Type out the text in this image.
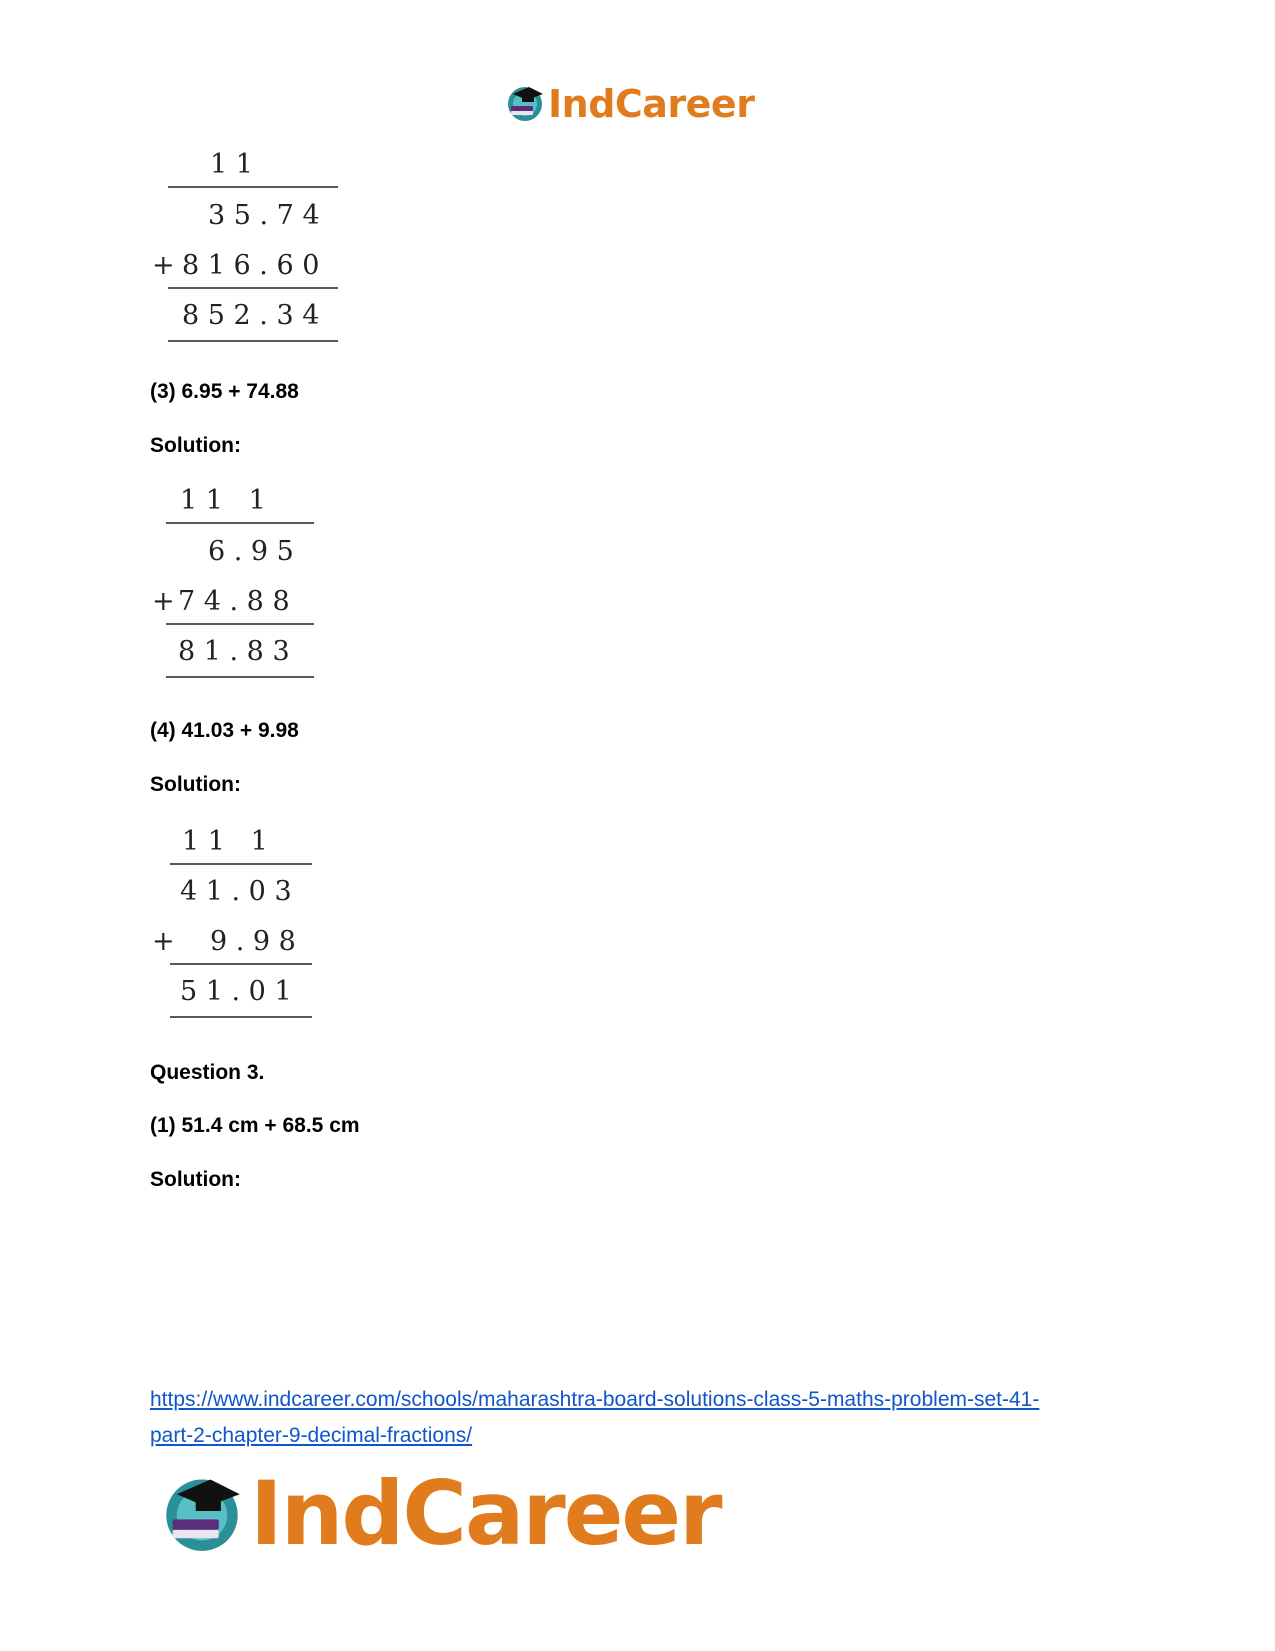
IndCareer
1 1
3 5 . 7 4
+ 8 1 6 . 6 0
8 5 2 . 3 4
(3) 6.95 + 74.88
Solution:
1 1   1
6 . 9 5
+ 7 4 . 8 8
8 1 . 8 3
(4) 41.03 + 9.98
Solution:
1 1   1
4 1 . 0 3
+ 9 . 9 8
5 1 . 0 1
Question 3.
(1) 51.4 cm + 68.5 cm
Solution:
https://www.indcareer.com/schools/maharashtra-board-solutions-class-5-maths-problem-set-41-
part-2-chapter-9-decimal-fractions/
IndCareer
